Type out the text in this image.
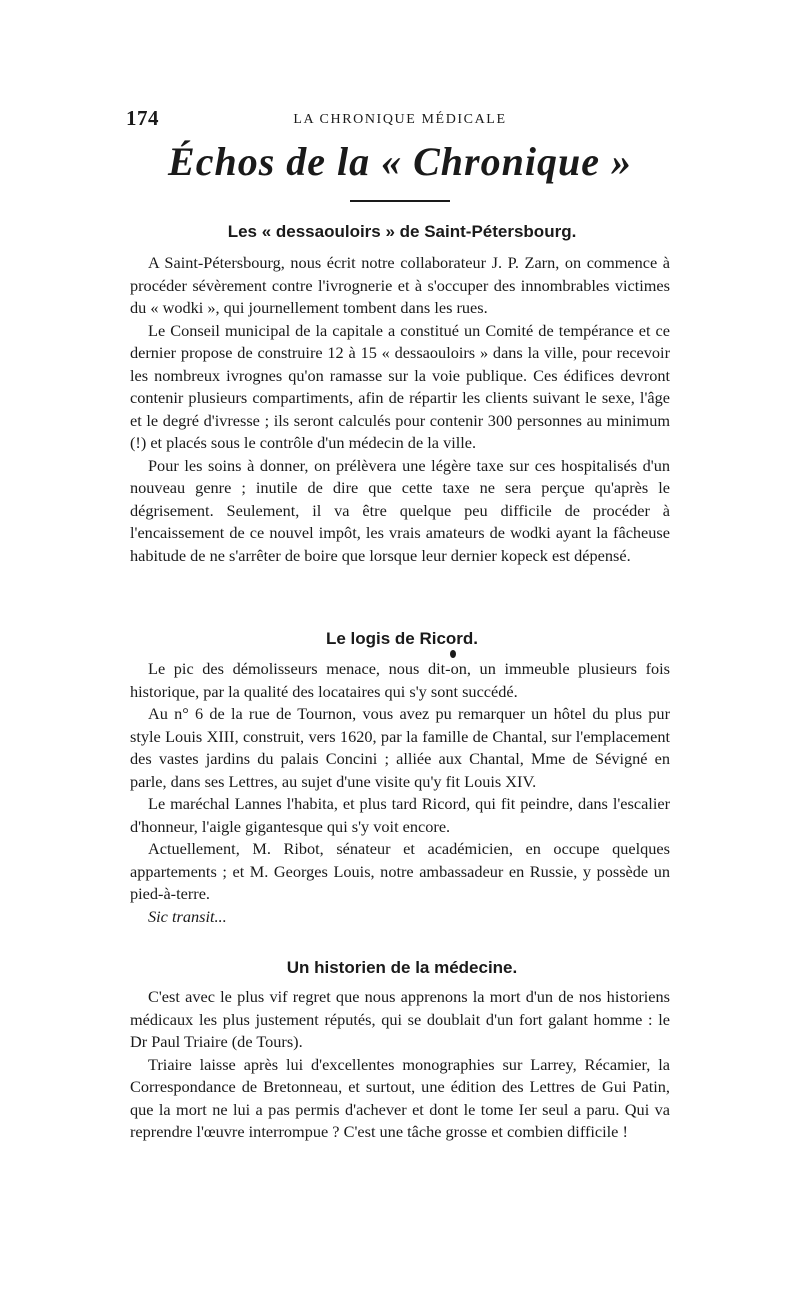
174	LA CHRONIQUE MÉDICALE
Échos de la « Chronique »
Les « dessaouloirs » de Saint-Pétersbourg.

A Saint-Pétersbourg, nous écrit notre collaborateur J. P. Zarn, on commence à procéder sévèrement contre l'ivrognerie et à s'occuper des innombrables victimes du « wodki », qui journellement tombent dans les rues.

Le Conseil municipal de la capitale a constitué un Comité de tempérance et ce dernier propose de construire 12 à 15 « dessaouloirs » dans la ville, pour recevoir les nombreux ivrognes qu'on ramasse sur la voie publique. Ces édifices devront contenir plusieurs compartiments, afin de répartir les clients suivant le sexe, l'âge et le degré d'ivresse ; ils seront calculés pour contenir 300 personnes au minimum (!) et placés sous le contrôle d'un médecin de la ville.

Pour les soins à donner, on prélèvera une légère taxe sur ces hospitalisés d'un nouveau genre ; inutile de dire que cette taxe ne sera perçue qu'après le dégrisement. Seulement, il va être quelque peu difficile de procéder à l'encaissement de ce nouvel impôt, les vrais amateurs de wodki ayant la fâcheuse habitude de ne s'arrêter de boire que lorsque leur dernier kopeck est dépensé.

Le logis de Ricord.

Le pic des démolisseurs menace, nous dit-on, un immeuble plusieurs fois historique, par la qualité des locataires qui s'y sont succédé.

Au n° 6 de la rue de Tournon, vous avez pu remarquer un hôtel du plus pur style Louis XIII, construit, vers 1620, par la famille de Chantal, sur l'emplacement des vastes jardins du palais Concini ; alliée aux Chantal, Mme de Sévigné en parle, dans ses Lettres, au sujet d'une visite qu'y fit Louis XIV.

Le maréchal Lannes l'habita, et plus tard Ricord, qui fit peindre, dans l'escalier d'honneur, l'aigle gigantesque qui s'y voit encore.

Actuellement, M. Ribot, sénateur et académicien, en occupe quelques appartements ; et M. Georges Louis, notre ambassadeur en Russie, y possède un pied-à-terre.

Sic transit...

Un historien de la médecine.

C'est avec le plus vif regret que nous apprenons la mort d'un de nos historiens médicaux les plus justement réputés, qui se doublait d'un fort galant homme : le Dr Paul Triaire (de Tours).

Triaire laisse après lui d'excellentes monographies sur Larrey, Récamier, la Correspondance de Bretonneau, et surtout, une édition des Lettres de Gui Patin, que la mort ne lui a pas permis d'achever et dont le tome Ier seul a paru. Qui va reprendre l'œuvre interrompue ? C'est une tâche grosse et combien difficile !
